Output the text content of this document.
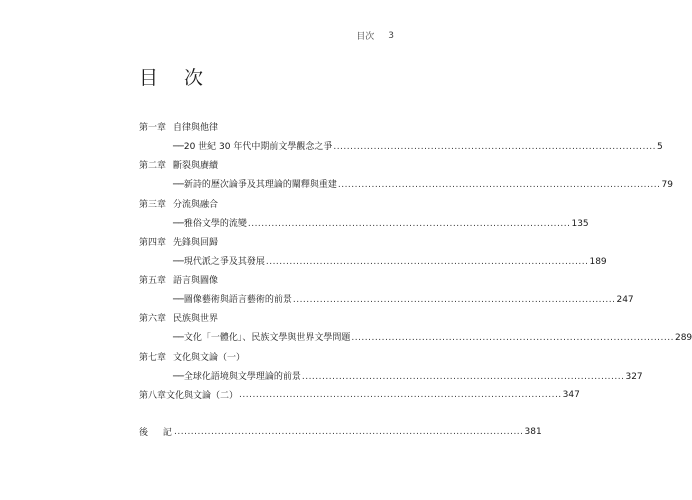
目次 3
目 次
第一章 自律與他律
──20 世紀 30 年代中期前文學觀念之爭 ................................................................................................ 5
第二章 斷裂與賡續
──新詩的歷次論爭及其理論的闡釋與重建 ................................................................................................ 79
第三章 分流與融合
──雅俗文學的流變 ................................................................................................ 135
第四章 先鋒與回歸
──現代派之爭及其發展 ................................................................................................ 189
第五章 語言與圖像
──圖像藝術與語言藝術的前景 ................................................................................................ 247
第六章 民族與世界
──文化「一體化」、民族文學與世界文學問題 ................................................................................................ 289
第七章 文化與文論（一）
──全球化語境與文學理論的前景 ................................................................................................ 327
第八章 文化與文論（二） ................................................................................................ 347
後 記
........................................................................................................ 381
